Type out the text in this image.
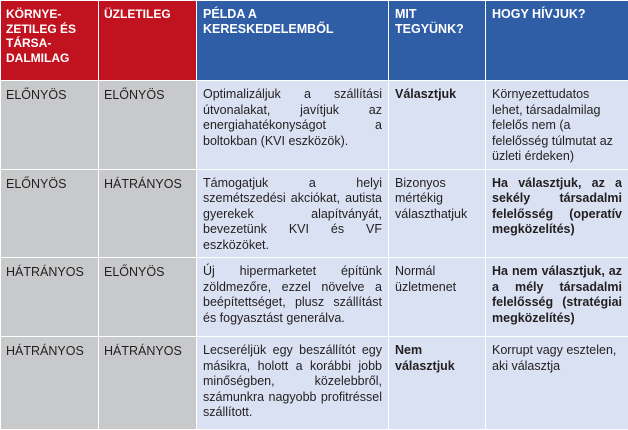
KÖRNYE-ZETILEG ÉS TÁRSA-DALMILAG	ÜZLETILEG	PÉLDA A KERESKEDELEMBŐL	MIT TEGYÜNK?	HOGY HÍVJUK?

ELŐNYÖS	ELŐNYÖS	Optimalizáljuk a szállítási útvonalakat, javítjuk az energiahatékonyságot a boltokban (KVI eszközök).	Választjuk	Környezettudatos lehet, társadalmilag felelős nem (a felelősség túlmutat az üzleti érdeken)

ELŐNYÖS	HÁTRÁNYOS	Támogatjuk a helyi szemétszedési akciókat, autista gyerekek alapítványát, bevezetünk KVI és VF eszközöket.	Bizonyos mértékig választhatjuk	Ha választjuk, az a sekély társadalmi felelősség (operatív megközelítés)

HÁTRÁNYOS	ELŐNYÖS	Új hipermarketet építünk zöldmezőre, ezzel növelve a beépítettséget, plusz szállítást és fogyasztást generálva.	Normál üzletmenet	Ha nem választjuk, az a mély társadalmi felelősség (stratégiai megközelítés)

HÁTRÁNYOS	HÁTRÁNYOS	Lecseréljük egy beszállítót egy másikra, holott a korábbi jobb minőségben, közelebbről, számunkra nagyobb profitréssel szállított.	Nem választjuk	Korrupt vagy esztelen, aki választja
